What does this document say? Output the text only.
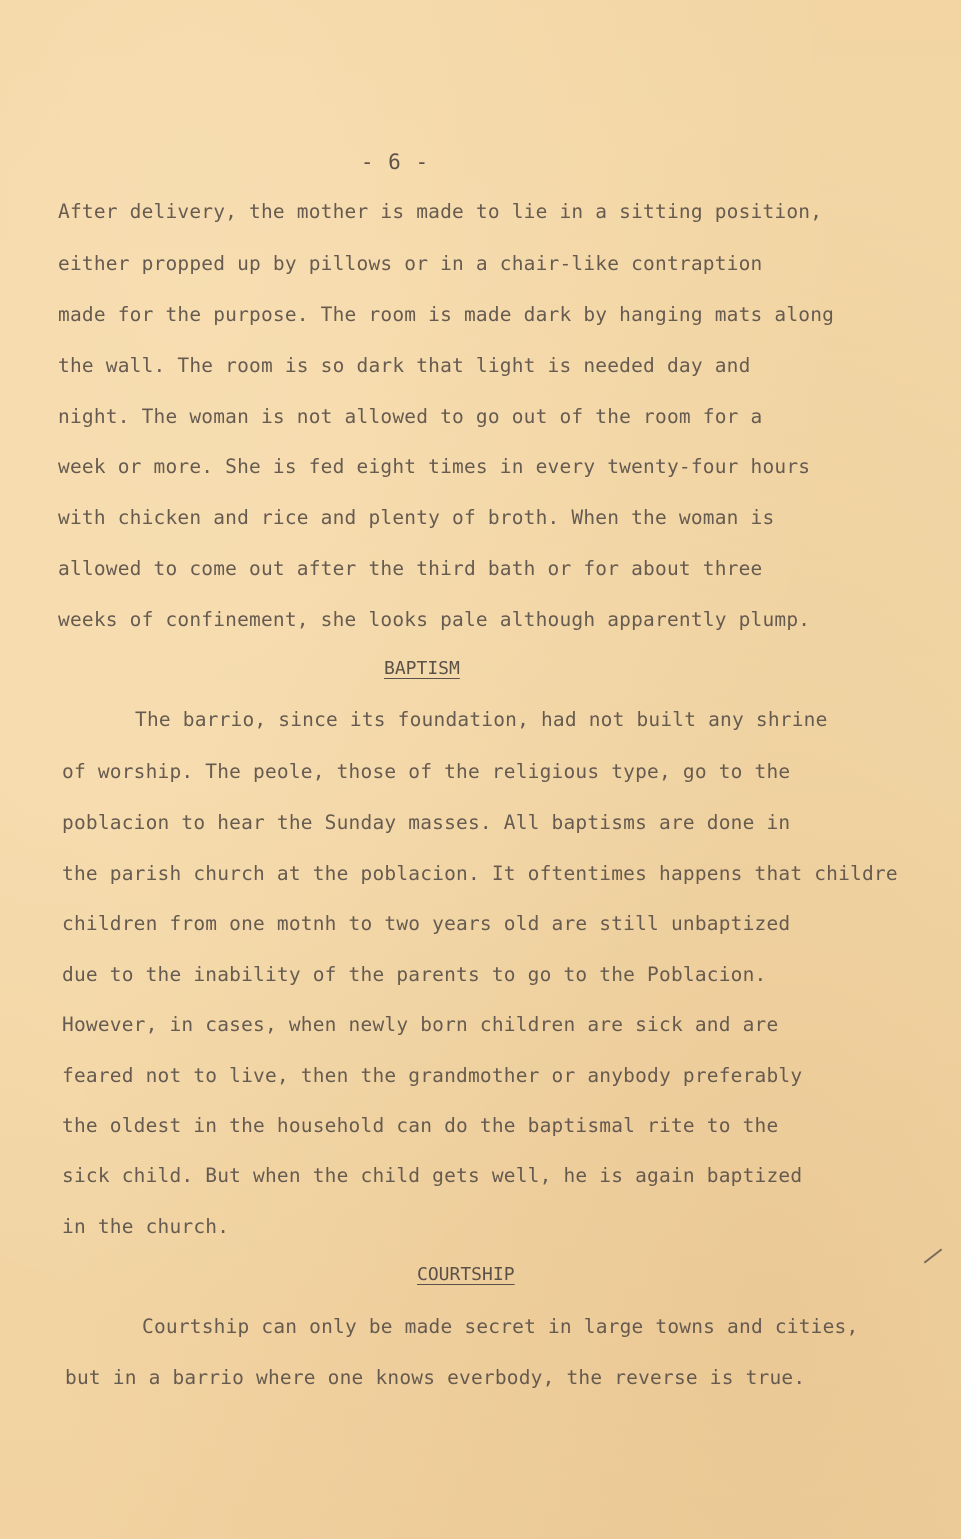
- 6 -
After delivery, the mother is made to lie in a sitting position,
either propped up by pillows or in a chair-like contraption
made for the purpose. The room is made dark by hanging mats along
the wall. The room is so dark that light is needed day and
night. The woman is not allowed to go out of the room for a
week or more. She is fed eight times in every twenty-four hours
with chicken and rice and plenty of broth. When the woman is
allowed to come out after the third bath or for about three
weeks of confinement, she looks pale although apparently plump.
BAPTISM
The barrio, since its foundation, had not built any shrine
of worship. The peole, those of the religious type, go to the
poblacion to hear the Sunday masses. All baptisms are done in
the parish church at the poblacion. It oftentimes happens that childre
children from one motnh to two years old are still unbaptized
due to the inability of the parents to go to the Poblacion.
However, in cases, when newly born children are sick and are
feared not to live, then the grandmother or anybody preferably
the oldest in the household can do the baptismal rite to the
sick child. But when the child gets well, he is again baptized
in the church.
COURTSHIP
Courtship can only be made secret in large towns and cities,
but in a barrio where one knows everbody, the reverse is true.
